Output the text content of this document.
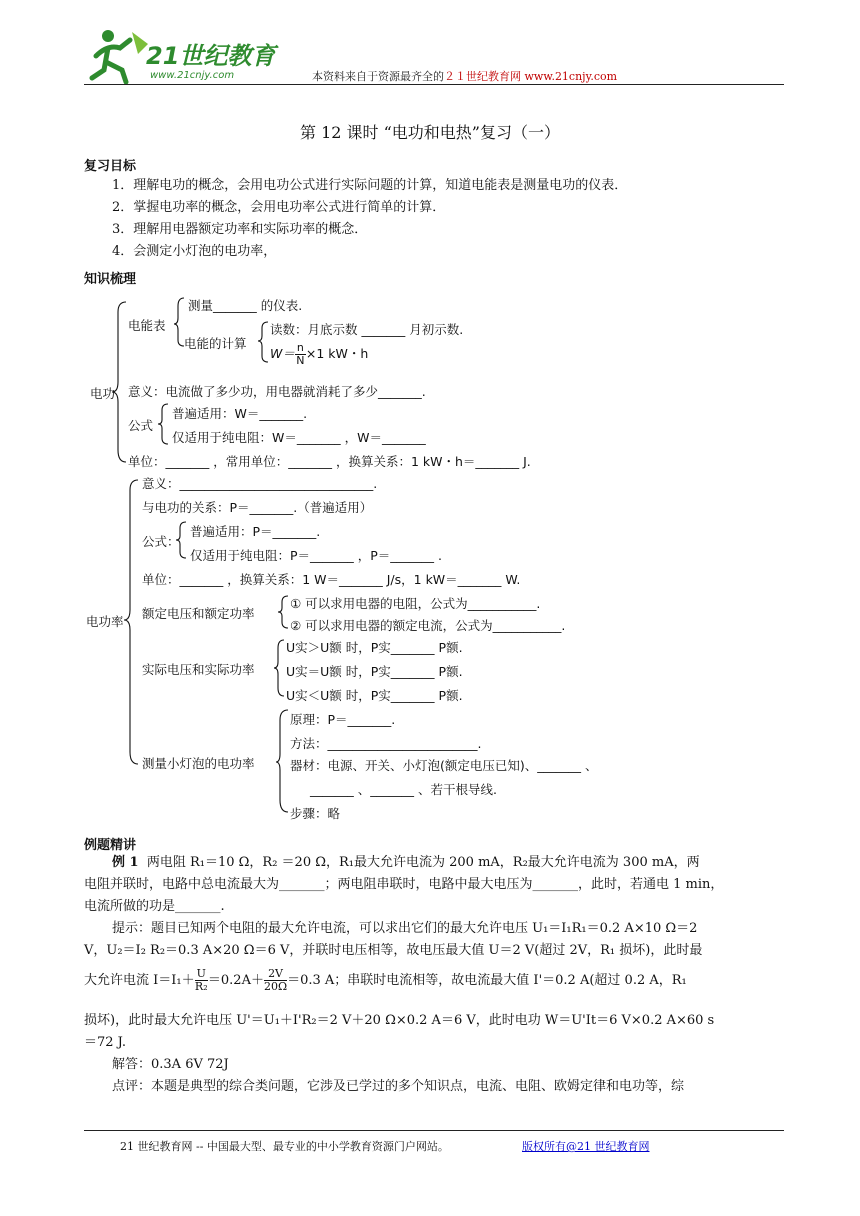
21世纪教育
www.21cnjy.com	本资料来自于资源最齐全的２１世纪教育网 www.21cnjy.com
第 12 课时 “电功和电热”复习（一）
复习目标
1．理解电功的概念，会用电功公式进行实际问题的计算，知道电能表是测量电功的仪表．
2．掌握电功率的概念，会用电功率公式进行简单的计算．
3．理解用电器额定功率和实际功率的概念．
4．会测定小灯泡的电功率，
知识梳理
电功
电能表
测量_______ 的仪表.
电能的计算
读数：月底示数 _______ 月初示数.
$W= \frac{n}{N} \times 1$ kW・h
意义：电流做了多少功，用电器就消耗了多少_______.
公式
普遍适用：W＝_______.
仅适用于纯电阻：W＝_______ ，W＝_______
单位：_______ ，常用单位：_______ ，换算关系：1 kW・h＝_______ J.
电功率
意义：_______________________________.
与电功的关系：P＝_______.（普遍适用）
公式：
普遍适用：P＝_______.
仅适用于纯电阻：P＝_______ ，P＝_______ .
单位：_______ ，换算关系：1 W＝_______ J/s，1 kW＝_______ W.
额定电压和额定功率
① 可以求用电器的电阻，公式为___________.
② 可以求用电器的额定电流，公式为___________.
实际电压和实际功率
U实＞U额 时，P实_______ P额.
U实＝U额 时，P实_______ P额.
U实＜U额 时，P实_______ P额.
测量小灯泡的电功率
原理：P＝_______.
方法：________________________.
器材：电源、开关、小灯泡(额定电压已知)、_______ 、
_______ 、_______ 、若干根导线.
步骤：略
例题精讲
例 1 两电阻 R₁＝10 Ω，R₂ ＝20 Ω，R₁最大允许电流为 200 mA，R₂最大允许电流为 300 mA，两
电阻并联时，电路中总电流最大为_______；两电阻串联时，电路中最大电压为_______，此时，若通电 1 min，
电流所做的功是_______.
提示：题目已知两个电阻的最大允许电流，可以求出它们的最大允许电压 U₁＝I₁R₁＝0.2 A×10 Ω＝2
V，U₂＝I₂ R₂＝0.3 A×20 Ω＝6 V，并联时电压相等，故电压最大值 U＝2 V(超过 2V，R₁ 损坏)，此时最
大允许电流 $I=I_1+ \frac{U}{\text{R₂}} =0.2A+ \frac{2V}{20\Omega} =0.3$ A；串联时电流相等，故电流最大值 I'＝0.2 A(超过 0.2 A，R₁
损坏)，此时最大允许电压 U'＝U₁＋I'R₂＝2 V＋20 Ω×0.2 A＝6 V，此时电功 W＝U'It＝6 V×0.2 A×60 s
＝72 J.
解答：0.3A 6V 72J
点评：本题是典型的综合类问题，它涉及已学过的多个知识点，电流、电阻、欧姆定律和电功等，综
21 世纪教育网 -- 中国最大型、最专业的中小学教育资源门户网站。	版权所有@21 世纪教育网
